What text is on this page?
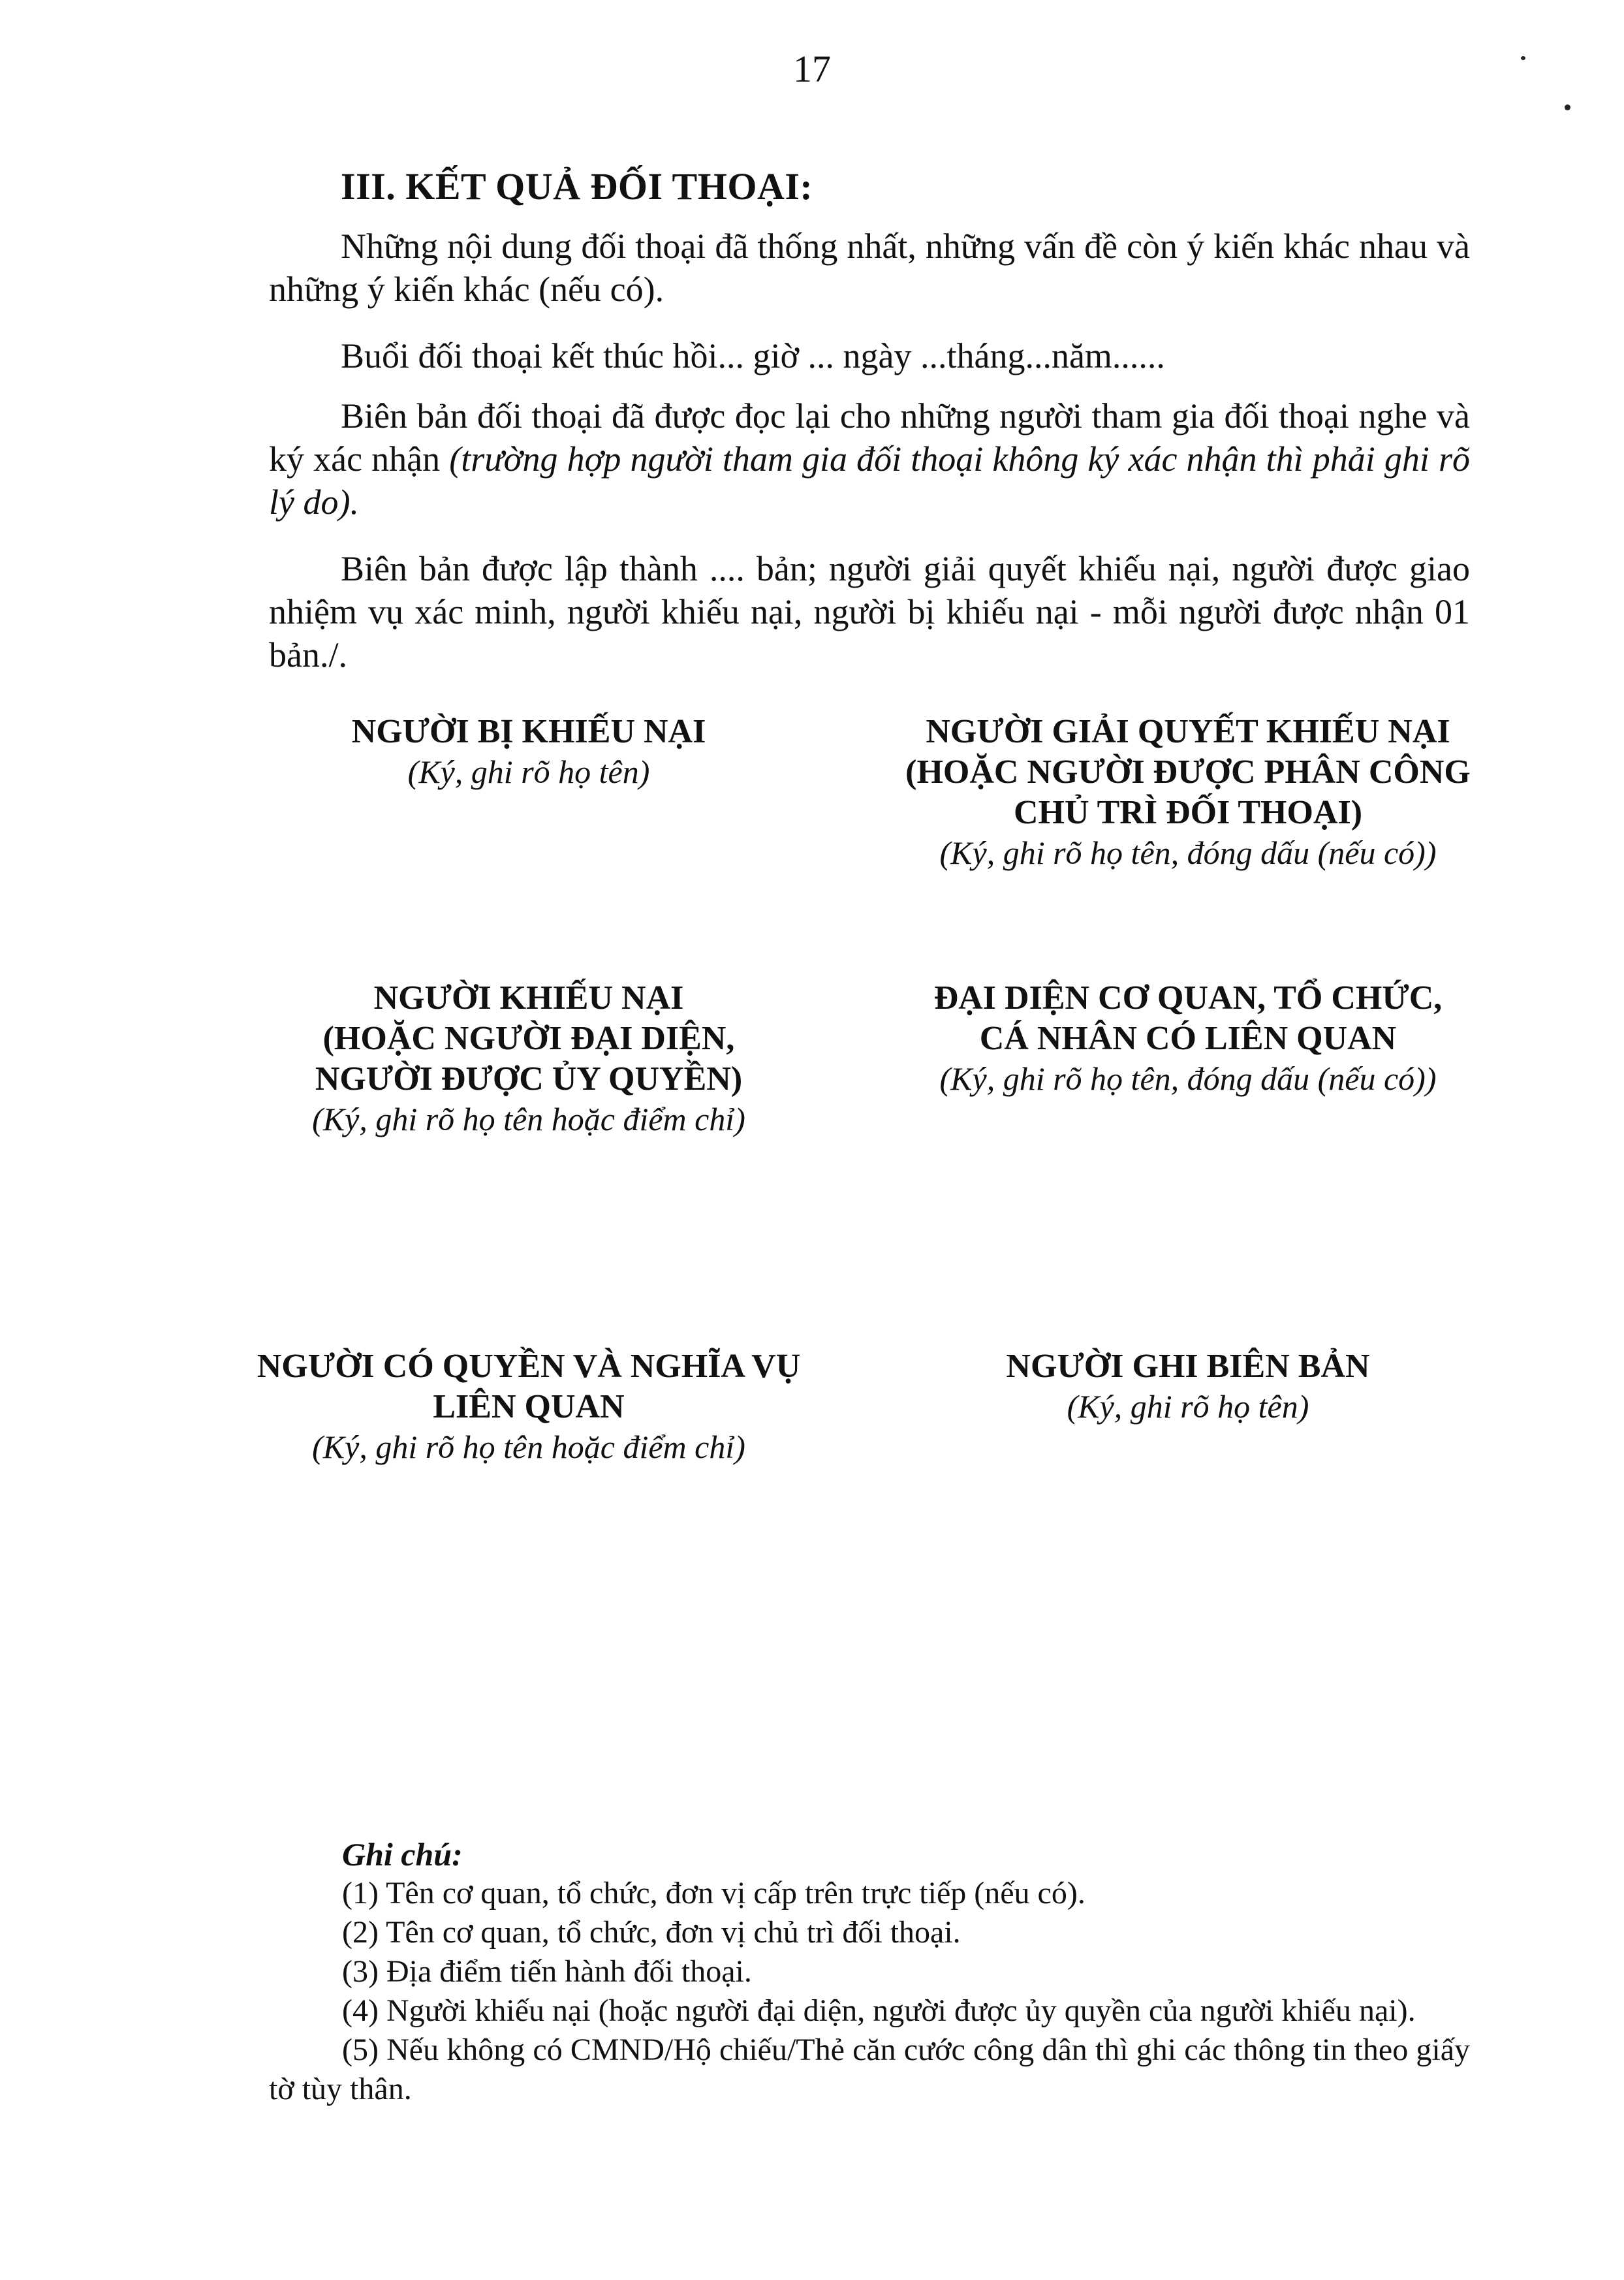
17
III. KẾT QUẢ ĐỐI THOẠI:
Những nội dung đối thoại đã thống nhất, những vấn đề còn ý kiến khác nhau và những ý kiến khác (nếu có).
Buổi đối thoại kết thúc hồi... giờ ... ngày ...tháng...năm......
Biên bản đối thoại đã được đọc lại cho những người tham gia đối thoại nghe và ký xác nhận (trường hợp người tham gia đối thoại không ký xác nhận thì phải ghi rõ lý do).
Biên bản được lập thành .... bản; người giải quyết khiếu nại, người được giao nhiệm vụ xác minh, người khiếu nại, người bị khiếu nại - mỗi người được nhận 01 bản./.
NGƯỜI BỊ KHIẾU NẠI
(Ký, ghi rõ họ tên)
NGƯỜI GIẢI QUYẾT KHIẾU NẠI
(HOẶC NGƯỜI ĐƯỢC PHÂN CÔNG
CHỦ TRÌ ĐỐI THOẠI)
(Ký, ghi rõ họ tên, đóng dấu (nếu có))
NGƯỜI KHIẾU NẠI
(HOẶC NGƯỜI ĐẠI DIỆN,
NGƯỜI ĐƯỢC ỦY QUYỀN)
(Ký, ghi rõ họ tên hoặc điểm chỉ)
ĐẠI DIỆN CƠ QUAN, TỔ CHỨC,
CÁ NHÂN CÓ LIÊN QUAN
(Ký, ghi rõ họ tên, đóng dấu (nếu có))
NGƯỜI CÓ QUYỀN VÀ NGHĨA VỤ
LIÊN QUAN
(Ký, ghi rõ họ tên hoặc điểm chỉ)
NGƯỜI GHI BIÊN BẢN
(Ký, ghi rõ họ tên)
Ghi chú:
(1) Tên cơ quan, tổ chức, đơn vị cấp trên trực tiếp (nếu có).
(2) Tên cơ quan, tổ chức, đơn vị chủ trì đối thoại.
(3) Địa điểm tiến hành đối thoại.
(4) Người khiếu nại (hoặc người đại diện, người được ủy quyền của người khiếu nại).
(5) Nếu không có CMND/Hộ chiếu/Thẻ căn cước công dân thì ghi các thông tin theo giấy tờ tùy thân.
